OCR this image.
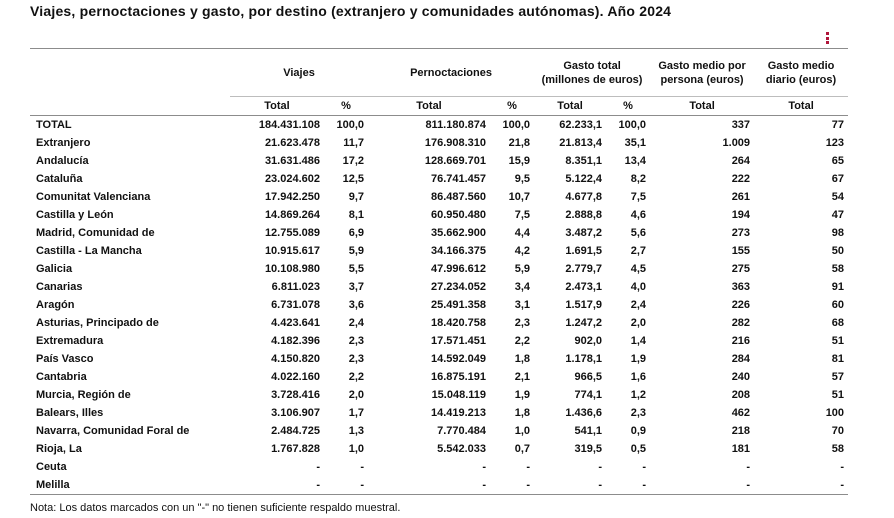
Viajes, pernoctaciones y gasto, por destino (extranjero y comunidades autónomas). Año 2024
	Viajes		Pernoctaciones		Gasto total (millones de euros)		Gasto medio por persona (euros)	Gasto medio diario (euros)
	Total	%	Total	%	Total	%	Total	Total
TOTAL	184.431.108	100,0	811.180.874	100,0	62.233,1	100,0	337	77
Extranjero	21.623.478	11,7	176.908.310	21,8	21.813,4	35,1	1.009	123
Andalucía	31.631.486	17,2	128.669.701	15,9	8.351,1	13,4	264	65
Cataluña	23.024.602	12,5	76.741.457	9,5	5.122,4	8,2	222	67
Comunitat Valenciana	17.942.250	9,7	86.487.560	10,7	4.677,8	7,5	261	54
Castilla y León	14.869.264	8,1	60.950.480	7,5	2.888,8	4,6	194	47
Madrid, Comunidad de	12.755.089	6,9	35.662.900	4,4	3.487,2	5,6	273	98
Castilla - La Mancha	10.915.617	5,9	34.166.375	4,2	1.691,5	2,7	155	50
Galicia	10.108.980	5,5	47.996.612	5,9	2.779,7	4,5	275	58
Canarias	6.811.023	3,7	27.234.052	3,4	2.473,1	4,0	363	91
Aragón	6.731.078	3,6	25.491.358	3,1	1.517,9	2,4	226	60
Asturias, Principado de	4.423.641	2,4	18.420.758	2,3	1.247,2	2,0	282	68
Extremadura	4.182.396	2,3	17.571.451	2,2	902,0	1,4	216	51
País Vasco	4.150.820	2,3	14.592.049	1,8	1.178,1	1,9	284	81
Cantabria	4.022.160	2,2	16.875.191	2,1	966,5	1,6	240	57
Murcia, Región de	3.728.416	2,0	15.048.119	1,9	774,1	1,2	208	51
Balears, Illes	3.106.907	1,7	14.419.213	1,8	1.436,6	2,3	462	100
Navarra, Comunidad Foral de	2.484.725	1,3	7.770.484	1,0	541,1	0,9	218	70
Rioja, La	1.767.828	1,0	5.542.033	0,7	319,5	0,5	181	58
Ceuta	-	-	-	-	-	-	-	-
Melilla	-	-	-	-	-	-	-	-
Nota: Los datos marcados con un "-" no tienen suficiente respaldo muestral.
